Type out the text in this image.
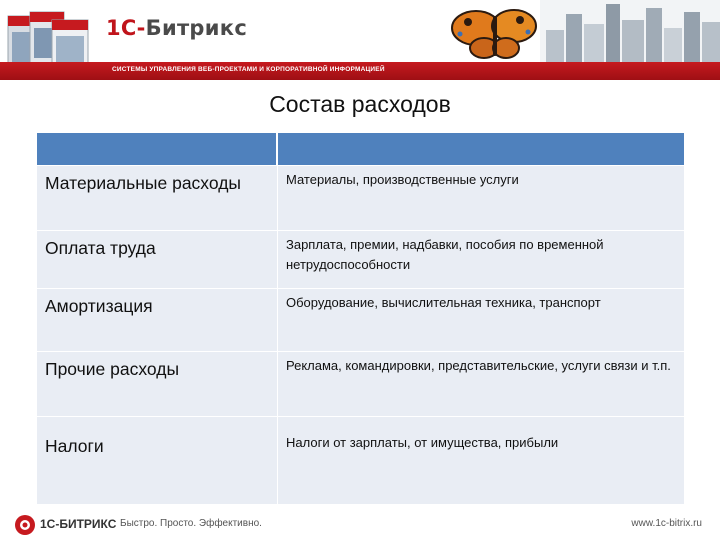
1С-Битрикс
СИСТЕМЫ УПРАВЛЕНИЯ ВЕБ-ПРОЕКТАМИ И КОРПОРАТИВНОЙ ИНФОРМАЦИЕЙ
Состав расходов
Материальные расходы	Материалы, производственные услуги
Оплата труда	Зарплата, премии, надбавки, пособия по временной нетрудоспособности
Амортизация	Оборудование, вычислительная техника, транспорт
Прочие расходы	Реклама, командировки, представительские, услуги связи и т.п.
Налоги	Налоги от зарплаты, от имущества, прибыли
1С-БИТРИКС Быстро. Просто. Эффективно.	www.1c-bitrix.ru
